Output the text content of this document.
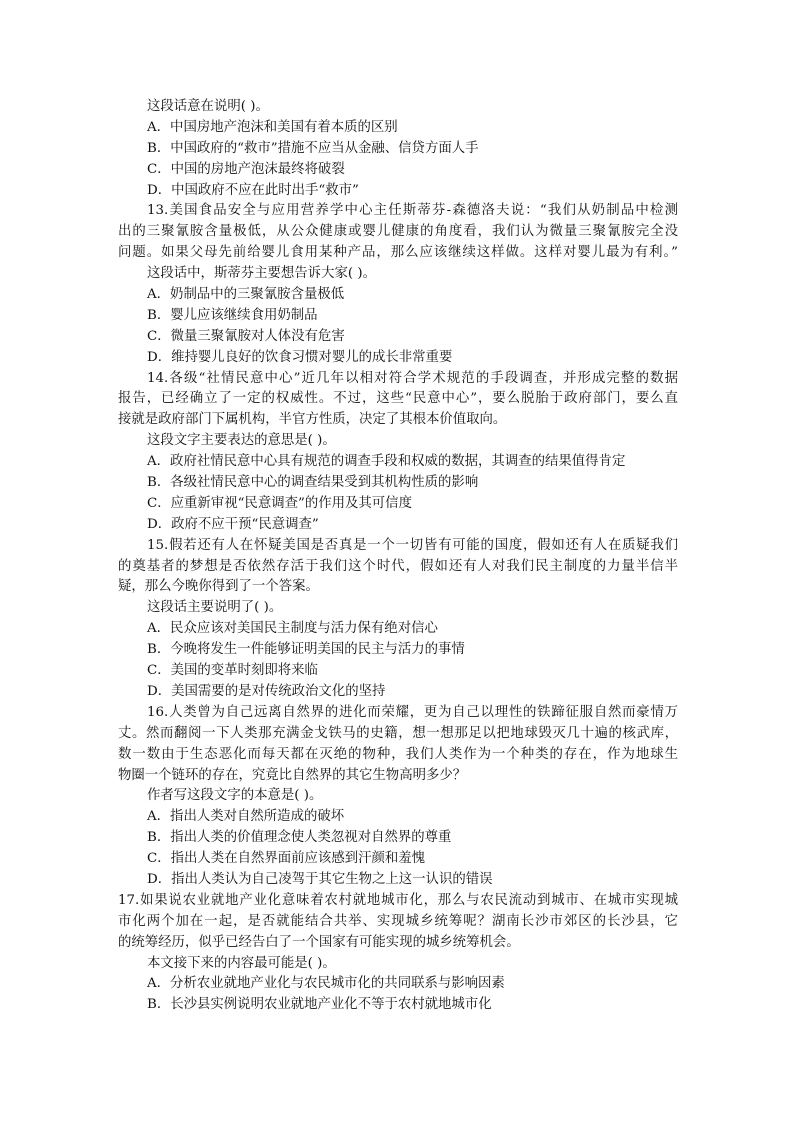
这段话意在说明( )。
A．中国房地产泡沫和美国有着本质的区别
B．中国政府的“救市”措施不应当从金融、信贷方面人手
C．中国的房地产泡沫最终将破裂
D．中国政府不应在此时出手“救市”
13.美国食品安全与应用营养学中心主任斯蒂芬-森德洛夫说：“我们从奶制品中检测
出的三聚氰胺含量极低，从公众健康或婴儿健康的角度看，我们认为微量三聚氰胺完全没
问题。如果父母先前给婴儿食用某种产品，那么应该继续这样做。这样对婴儿最为有利。”
这段话中，斯蒂芬主要想告诉大家( )。
A．奶制品中的三聚氰胺含量极低
B．婴儿应该继续食用奶制品
C．微量三聚氰胺对人体没有危害
D．维持婴儿良好的饮食习惯对婴儿的成长非常重要
14.各级“社情民意中心”近几年以相对符合学术规范的手段调查，并形成完整的数据
报告，已经确立了一定的权威性。不过，这些“民意中心”，要么脱胎于政府部门，要么直
接就是政府部门下属机构，半官方性质，决定了其根本价值取向。
这段文字主要表达的意思是( )。
A．政府社情民意中心具有规范的调查手段和权威的数据，其调查的结果值得肯定
B．各级社情民意中心的调查结果受到其机构性质的影响
C．应重新审视“民意调查”的作用及其可信度
D．政府不应干预“民意调查”
15.假若还有人在怀疑美国是否真是一个一切皆有可能的国度，假如还有人在质疑我们
的奠基者的梦想是否依然存活于我们这个时代，假如还有人对我们民主制度的力量半信半
疑，那么今晚你得到了一个答案。
这段话主要说明了( )。
A．民众应该对美国民主制度与活力保有绝对信心
B．今晚将发生一件能够证明美国的民主与活力的事情
C．美国的变革时刻即将来临
D．美国需要的是对传统政治文化的坚持
16.人类曾为自己远离自然界的进化而荣耀，更为自己以理性的铁蹄征服自然而豪情万
丈。然而翻阅一下人类那充满金戈铁马的史籍，想一想那足以把地球毁灭几十遍的核武库，
数一数由于生态恶化而每天都在灭绝的物种，我们人类作为一个种类的存在，作为地球生
物圈一个链环的存在，究竟比自然界的其它生物高明多少？
作者写这段文字的本意是( )。
A．指出人类对自然所造成的破坏
B．指出人类的价值理念使人类忽视对自然界的尊重
C．指出人类在自然界面前应该感到汗颜和羞愧
D．指出人类认为自己凌驾于其它生物之上这一认识的错误
17.如果说农业就地产业化意味着农村就地城市化，那么与农民流动到城市、在城市实现城
市化两个加在一起，是否就能结合共举、实现城乡统筹呢？湖南长沙市郊区的长沙县，它
的统筹经历，似乎已经告白了一个国家有可能实现的城乡统筹机会。
本文接下来的内容最可能是( )。
A．分析农业就地产业化与农民城市化的共同联系与影响因素
B．长沙县实例说明农业就地产业化不等于农村就地城市化
